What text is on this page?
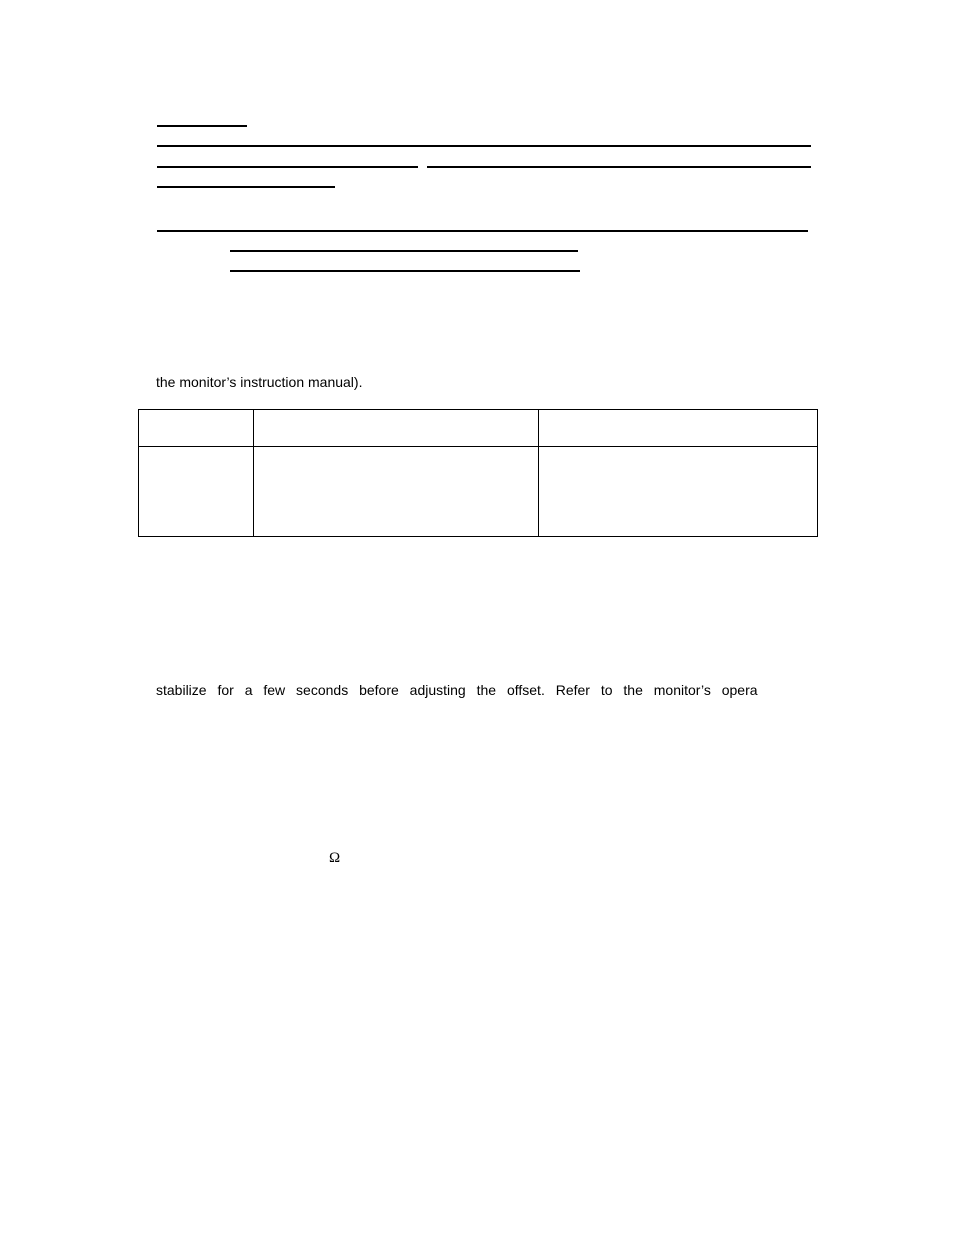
the monitor’s instruction manual).

stabilize for a few seconds before adjusting the offset. Refer to the monitor’s opera
Ω
